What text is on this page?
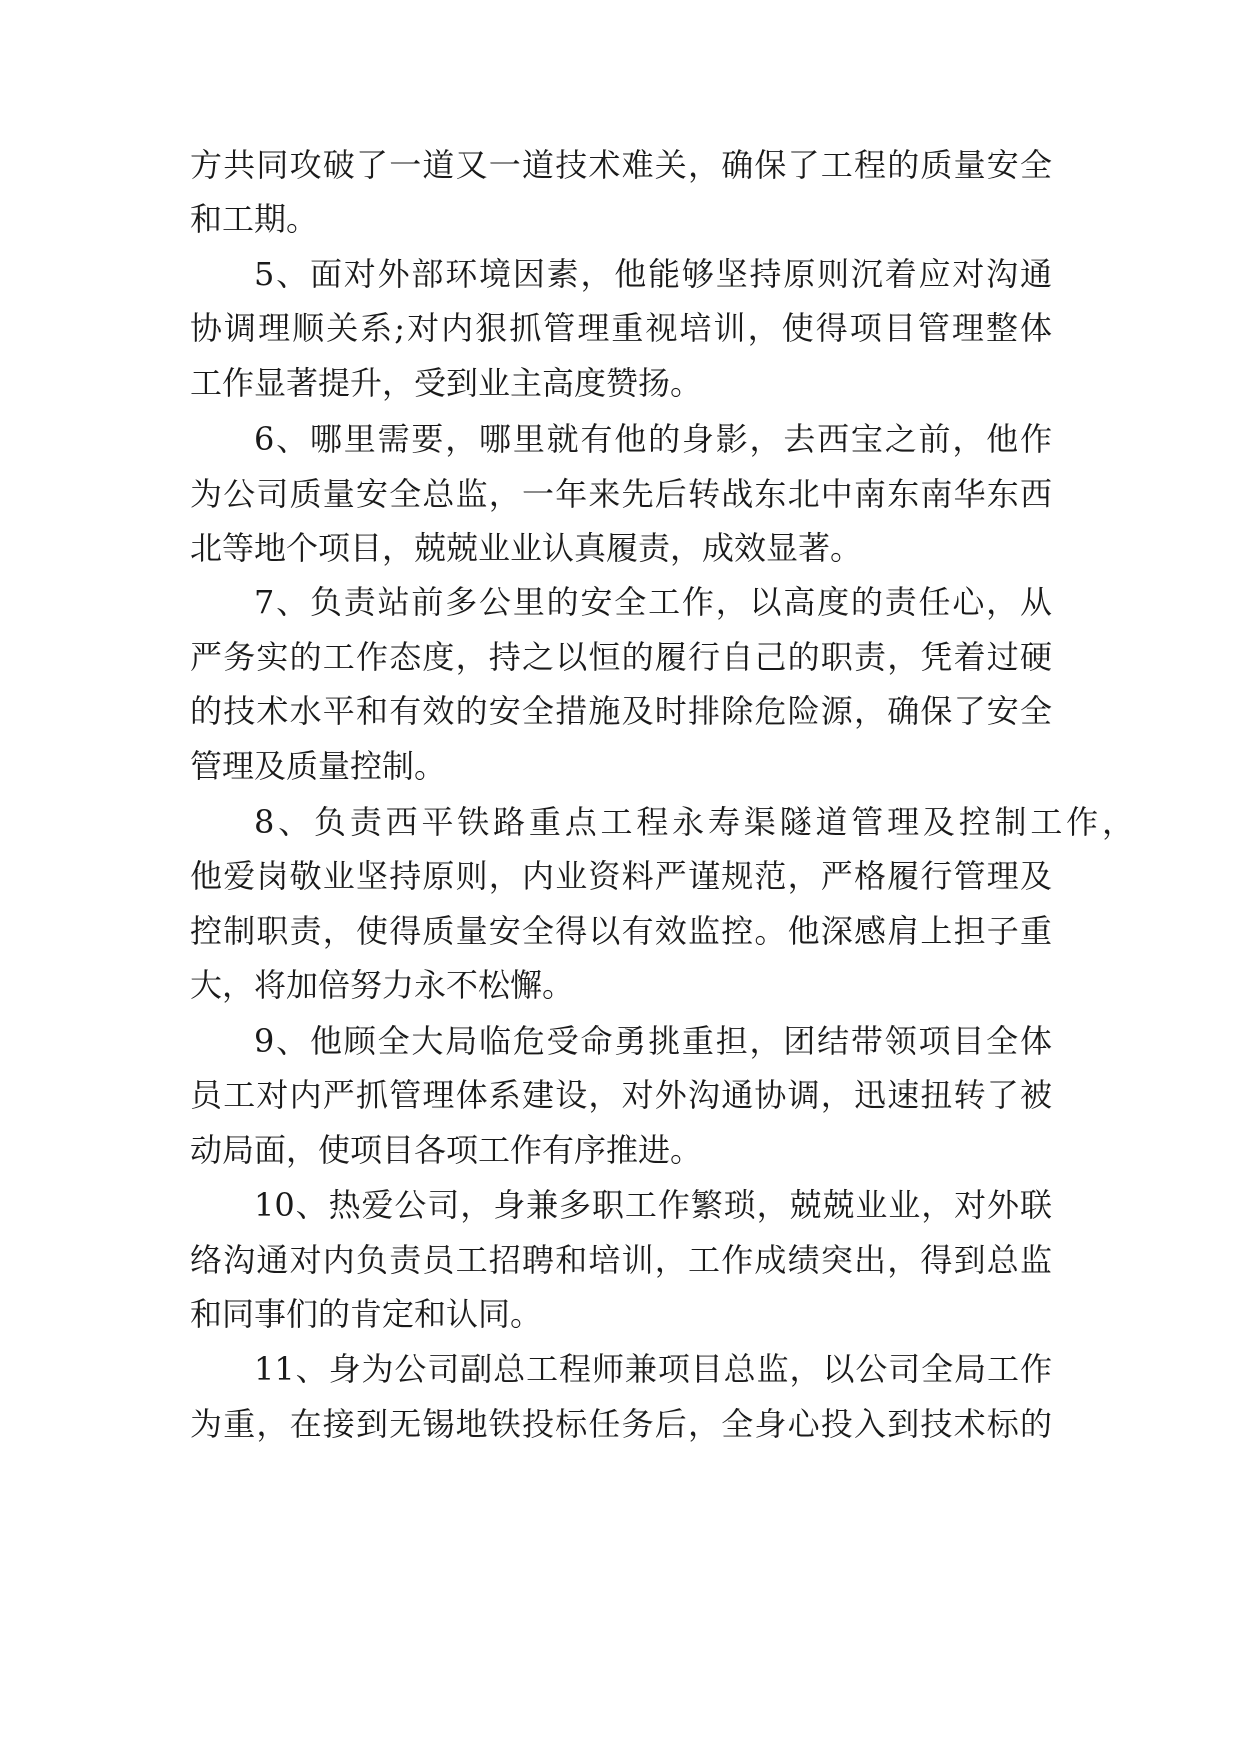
方共同攻破了一道又一道技术难关，确保了工程的质量安全
和工期。
5、面对外部环境因素，他能够坚持原则沉着应对沟通
协调理顺关系;对内狠抓管理重视培训，使得项目管理整体
工作显著提升，受到业主高度赞扬。
6、哪里需要，哪里就有他的身影，去西宝之前，他作
为公司质量安全总监，一年来先后转战东北中南东南华东西
北等地个项目，兢兢业业认真履责，成效显著。
7、负责站前多公里的安全工作，以高度的责任心，从
严务实的工作态度，持之以恒的履行自己的职责，凭着过硬
的技术水平和有效的安全措施及时排除危险源，确保了安全
管理及质量控制。
8、负责西平铁路重点工程永寿渠隧道管理及控制工作，
他爱岗敬业坚持原则，内业资料严谨规范，严格履行管理及
控制职责，使得质量安全得以有效监控。他深感肩上担子重
大，将加倍努力永不松懈。
9、他顾全大局临危受命勇挑重担，团结带领项目全体
员工对内严抓管理体系建设，对外沟通协调，迅速扭转了被
动局面，使项目各项工作有序推进。
10、热爱公司，身兼多职工作繁琐，兢兢业业，对外联
络沟通对内负责员工招聘和培训，工作成绩突出，得到总监
和同事们的肯定和认同。
11、身为公司副总工程师兼项目总监，以公司全局工作
为重，在接到无锡地铁投标任务后，全身心投入到技术标的
